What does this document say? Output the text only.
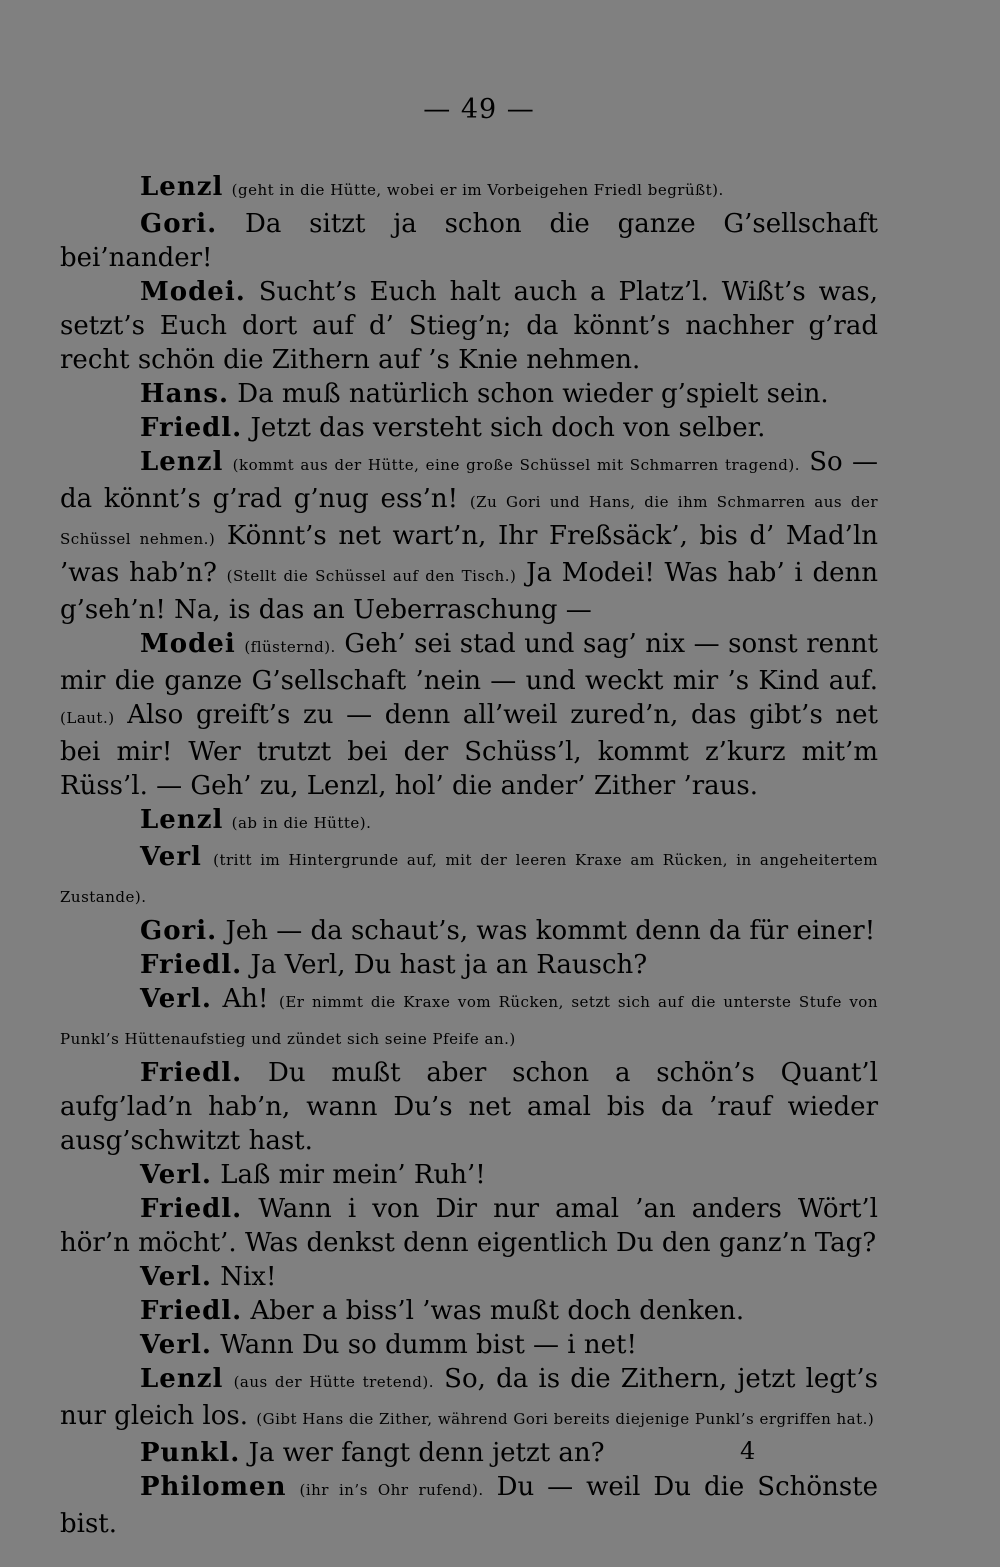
— 49 —

Lenzl (geht in die Hütte, wobei er im Vorbeigehen Friedl begrüßt).

Gori. Da sitzt ja schon die ganze G’sellschaft bei’nander!

Modei. Sucht’s Euch halt auch a Platz’l. Wißt’s was, setzt’s Euch dort auf d’ Stieg’n; da könnt’s nachher g’rad recht schön die Zithern auf ’s Knie nehmen.

Hans. Da muß natürlich schon wieder g’spielt sein.

Friedl. Jetzt das versteht sich doch von selber.

Lenzl (kommt aus der Hütte, eine große Schüssel mit Schmarren tragend). So — da könnt’s g’rad g’nug ess’n! (Zu Gori und Hans, die ihm Schmarren aus der Schüssel nehmen.) Könnt’s net wart’n, Ihr Freßsäck’, bis d’ Mad’ln ’was hab’n? (Stellt die Schüssel auf den Tisch.) Ja Modei! Was hab’ i denn g’seh’n! Na, is das an Ueberraschung —

Modei (flüsternd). Geh’ sei stad und sag’ nix — sonst rennt mir die ganze G’sellschaft ’nein — und weckt mir ’s Kind auf. (Laut.) Also greift’s zu — denn all’weil zured’n, das gibt’s net bei mir! Wer trutzt bei der Schüss’l, kommt z’kurz mit’m Rüss’l. — Geh’ zu, Lenzl, hol’ die ander’ Zither ’raus.

Lenzl (ab in die Hütte).

Verl (tritt im Hintergrunde auf, mit der leeren Kraxe am Rücken, in angeheitertem Zustande).

Gori. Jeh — da schaut’s, was kommt denn da für einer!

Friedl. Ja Verl, Du hast ja an Rausch?

Verl. Ah! (Er nimmt die Kraxe vom Rücken, setzt sich auf die unterste Stufe von Punkl’s Hüttenaufstieg und zündet sich seine Pfeife an.)

Friedl. Du mußt aber schon a schön’s Quant’l aufg’lad’n hab’n, wann Du’s net amal bis da ’rauf wieder ausg’schwitzt hast.

Verl. Laß mir mein’ Ruh’!

Friedl. Wann i von Dir nur amal ’an anders Wört’l hör’n möcht’. Was denkst denn eigentlich Du den ganz’n Tag?

Verl. Nix!

Friedl. Aber a biss’l ’was mußt doch denken.

Verl. Wann Du so dumm bist — i net!

Lenzl (aus der Hütte tretend). So, da is die Zithern, jetzt legt’s nur gleich los. (Gibt Hans die Zither, während Gori bereits diejenige Punkl’s ergriffen hat.)

Punkl. Ja wer fangt denn jetzt an?

Philomen (ihr in’s Ohr rufend). Du — weil Du die Schönste bist.

4
